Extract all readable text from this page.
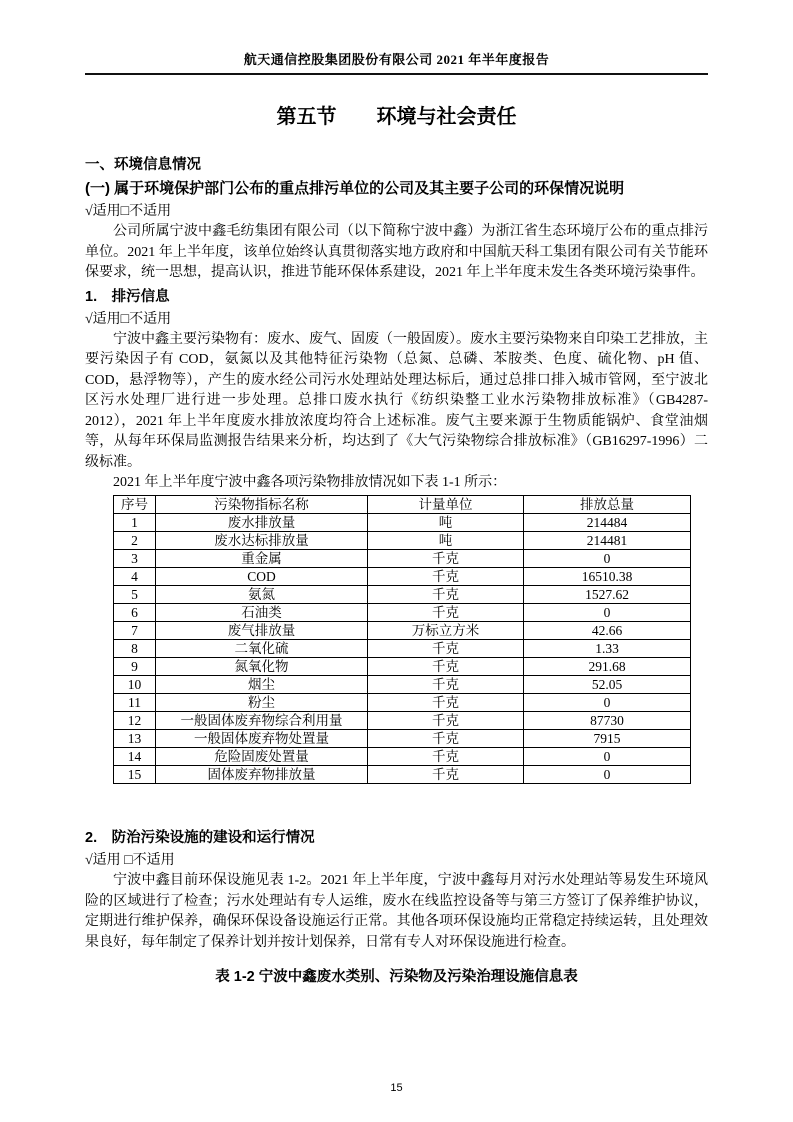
航天通信控股集团股份有限公司 2021 年半年度报告
第五节　　环境与社会责任
一、环境信息情况
(一) 属于环境保护部门公布的重点排污单位的公司及其主要子公司的环保情况说明
√适用□不适用

公司所属宁波中鑫毛纺集团有限公司（以下简称宁波中鑫）为浙江省生态环境厅公布的重点排污单位。2021 年上半年度，该单位始终认真贯彻落实地方政府和中国航天科工集团有限公司有关节能环保要求，统一思想，提高认识，推进节能环保体系建设，2021 年上半年度未发生各类环境污染事件。

1.　排污信息
√适用□不适用

宁波中鑫主要污染物有：废水、废气、固废（一般固废）。废水主要污染物来自印染工艺排放，主要污染因子有 COD，氨氮以及其他特征污染物（总氮、总磷、苯胺类、色度、硫化物、pH 值、COD，悬浮物等），产生的废水经公司污水处理站处理达标后，通过总排口排入城市管网，至宁波北区污水处理厂进行进一步处理。总排口废水执行《纺织染整工业水污染物排放标准》（GB4287-2012），2021 年上半年度废水排放浓度均符合上述标准。废气主要来源于生物质能锅炉、食堂油烟等，从每年环保局监测报告结果来分析，均达到了《大气污染物综合排放标准》（GB16297-1996）二级标准。

2021 年上半年度宁波中鑫各项污染物排放情况如下表 1-1 所示：
序号	污染物指标名称	计量单位	排放总量
1	废水排放量	吨	214484
2	废水达标排放量	吨	214481
3	重金属	千克	0
4	COD	千克	16510.38
5	氨氮	千克	1527.62
6	石油类	千克	0
7	废气排放量	万标立方米	42.66
8	二氧化硫	千克	1.33
9	氮氧化物	千克	291.68
10	烟尘	千克	52.05
11	粉尘	千克	0
12	一般固体废弃物综合利用量	千克	87730
13	一般固体废弃物处置量	千克	7915
14	危险固废处置量	千克	0
15	固体废弃物排放量	千克	0
2.　防治污染设施的建设和运行情况
√适用 □不适用

宁波中鑫目前环保设施见表 1-2。2021 年上半年度，宁波中鑫每月对污水处理站等易发生环境风险的区域进行了检查；污水处理站有专人运维，废水在线监控设备等与第三方签订了保养维护协议，定期进行维护保养，确保环保设备设施运行正常。其他各项环保设施均正常稳定持续运转，且处理效果良好，每年制定了保养计划并按计划保养，日常有专人对环保设施进行检查。

表 1-2 宁波中鑫废水类别、污染物及污染治理设施信息表
15
